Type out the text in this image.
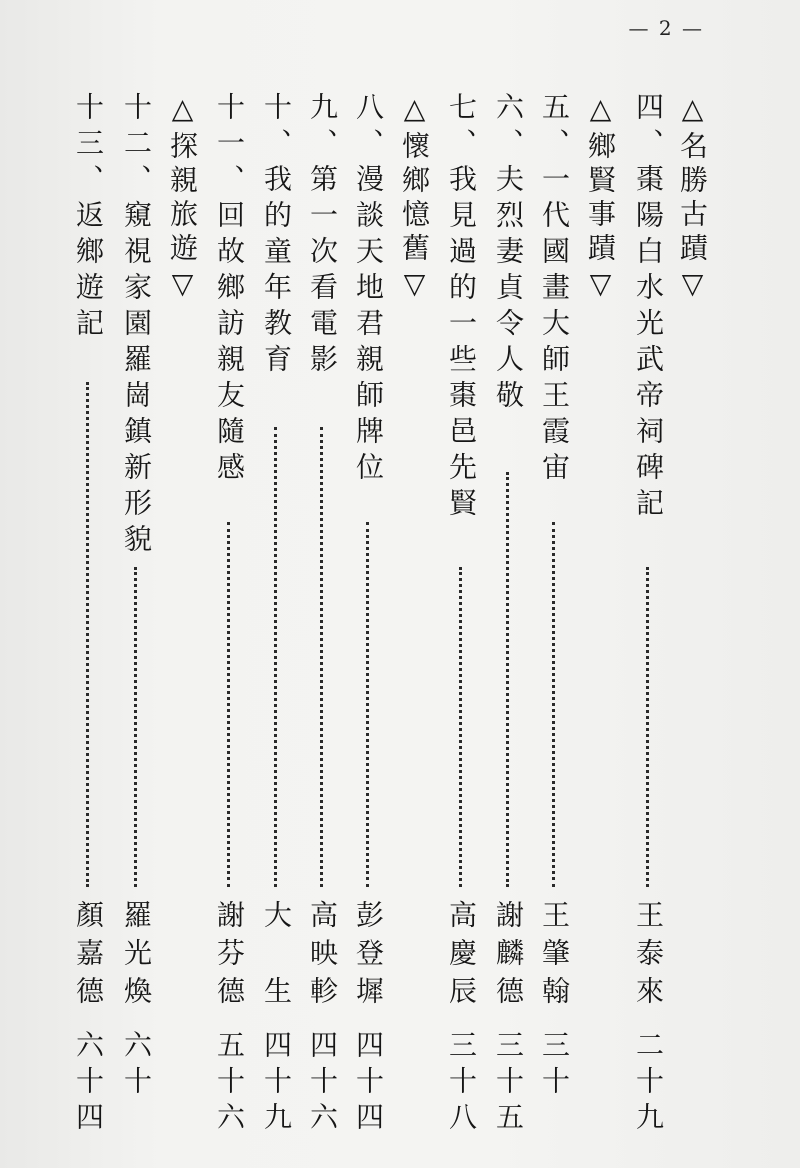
— 2 —
△名勝古蹟▽
四、棗陽白水光武帝祠碑記
王泰來
二十九
△鄉賢事蹟▽
五、一代國畫大師王霞宙
王肇翰
三十
六、夫烈妻貞令人敬
謝麟德
三十五
七、我見過的一些棗邑先賢
高慶辰
三十八
△懷鄉憶舊▽
八、漫談天地君親師牌位
彭登墀
四十四
九、第一次看電影
高映軫
四十六
十、我的童年教育
大　生
四十九
十一、回故鄉訪親友隨感
謝芬德
五十六
△探親旅遊▽
十二、窺視家園羅崗鎮新形貌
羅光煥
六十
十三、返鄉遊記
顏嘉德
六十四
